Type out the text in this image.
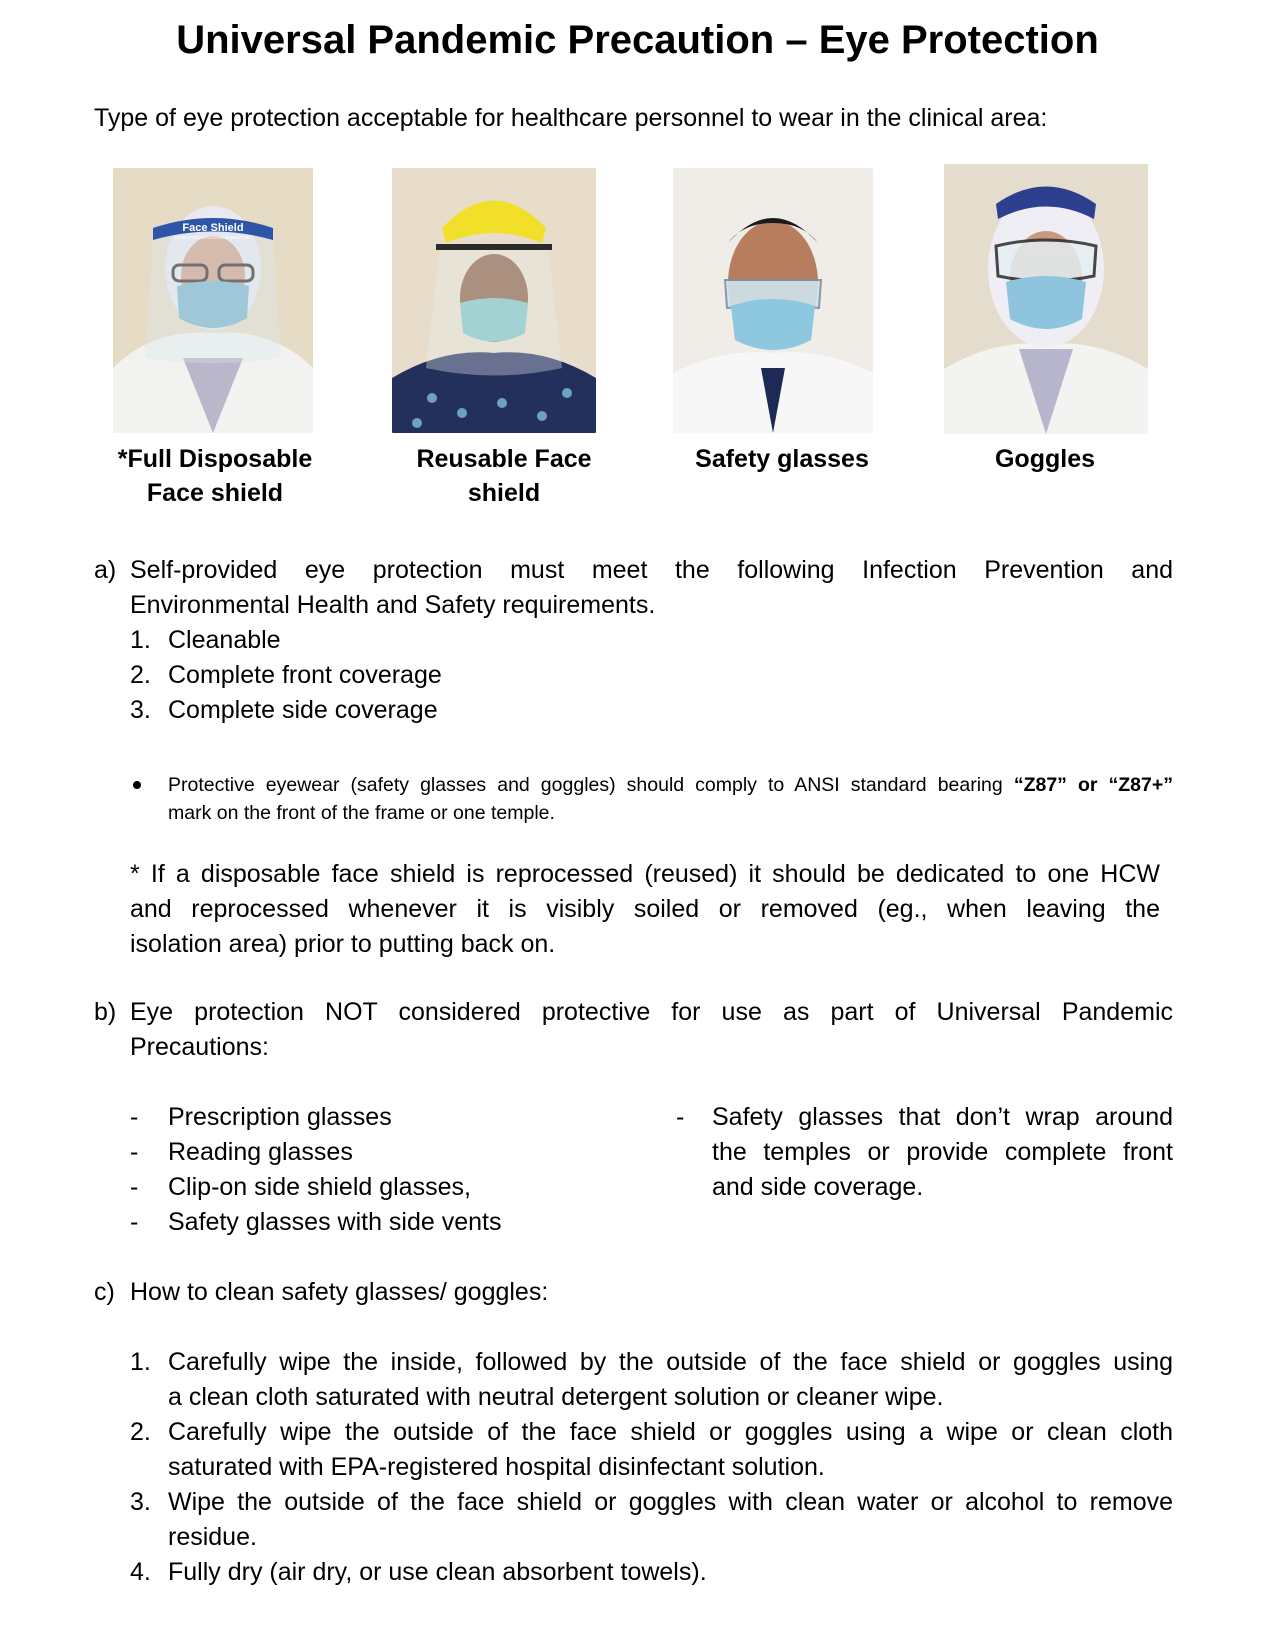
Universal Pandemic Precaution – Eye Protection
Type of eye protection acceptable for healthcare personnel to wear in the clinical area:
Face Shield
KEMENTERIAN KESIHATAN MALAYSIA
*Full Disposable
Face shield
Reusable Face
shield
Safety glasses	Goggles
a) Self-provided eye protection must meet the following Infection Prevention and
Environmental Health and Safety requirements.
1. Cleanable
2. Complete front coverage
3. Complete side coverage
Protective eyewear (safety glasses and goggles) should comply to ANSI standard bearing “Z87” or “Z87+”
mark on the front of the frame or one temple.
* If a disposable face shield is reprocessed (reused) it should be dedicated to one HCW
and reprocessed whenever it is visibly soiled or removed (eg., when leaving the
isolation area) prior to putting back on.
b) Eye protection NOT considered protective for use as part of Universal Pandemic
Precautions:
- Prescription glasses
- Reading glasses
- Clip-on side shield glasses,
- Safety glasses with side vents
- Safety glasses that don’t wrap around
the temples or provide complete front
and side coverage.
c) How to clean safety glasses/ goggles:
1. Carefully wipe the inside, followed by the outside of the face shield or goggles using
a clean cloth saturated with neutral detergent solution or cleaner wipe.
2. Carefully wipe the outside of the face shield or goggles using a wipe or clean cloth
saturated with EPA-registered hospital disinfectant solution.
3. Wipe the outside of the face shield or goggles with clean water or alcohol to remove
residue.
4. Fully dry (air dry, or use clean absorbent towels).
